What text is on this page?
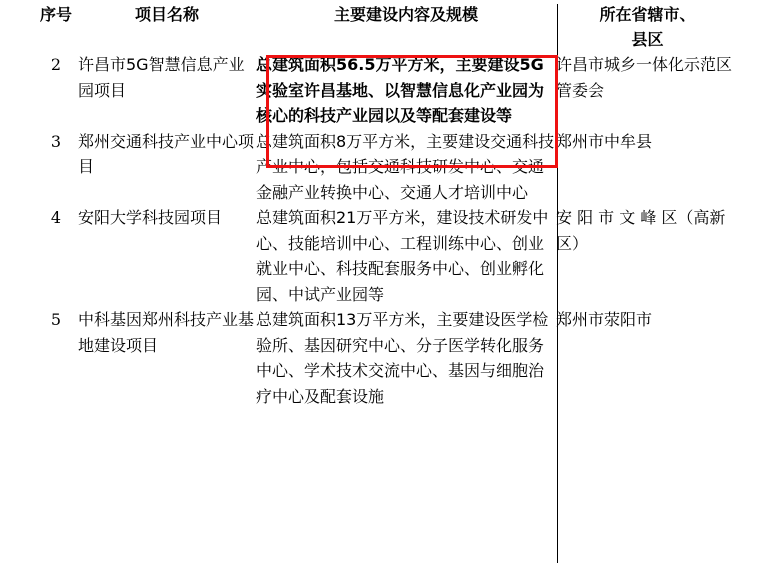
序号	项目名称	主要建设内容及规模	所在省辖市、
县区

2	许昌市5G智慧信息产业园项目	总建筑面积56.5万平方米，主要建设5G实验室许昌基地、以智慧信息化产业园为核心的科技产业园以及等配套建设等	许昌市城乡一体化示范区管委会
3	郑州交通科技产业中心项目	总建筑面积8万平方米，主要建设交通科技产业中心，包括交通科技研发中心、交通金融产业转换中心、交通人才培训中心	郑州市中牟县
4	安阳大学科技园项目	总建筑面积21万平方米，建设技术研发中心、技能培训中心、工程训练中心、创业就业中心、科技配套服务中心、创业孵化园、中试产业园等	安 阳 市 文 峰 区（高新区）
5	中科基因郑州科技产业基地建设项目	总建筑面积13万平方米，主要建设医学检验所、基因研究中心、分子医学转化服务中心、学术技术交流中心、基因与细胞治疗中心及配套设施	郑州市荥阳市
